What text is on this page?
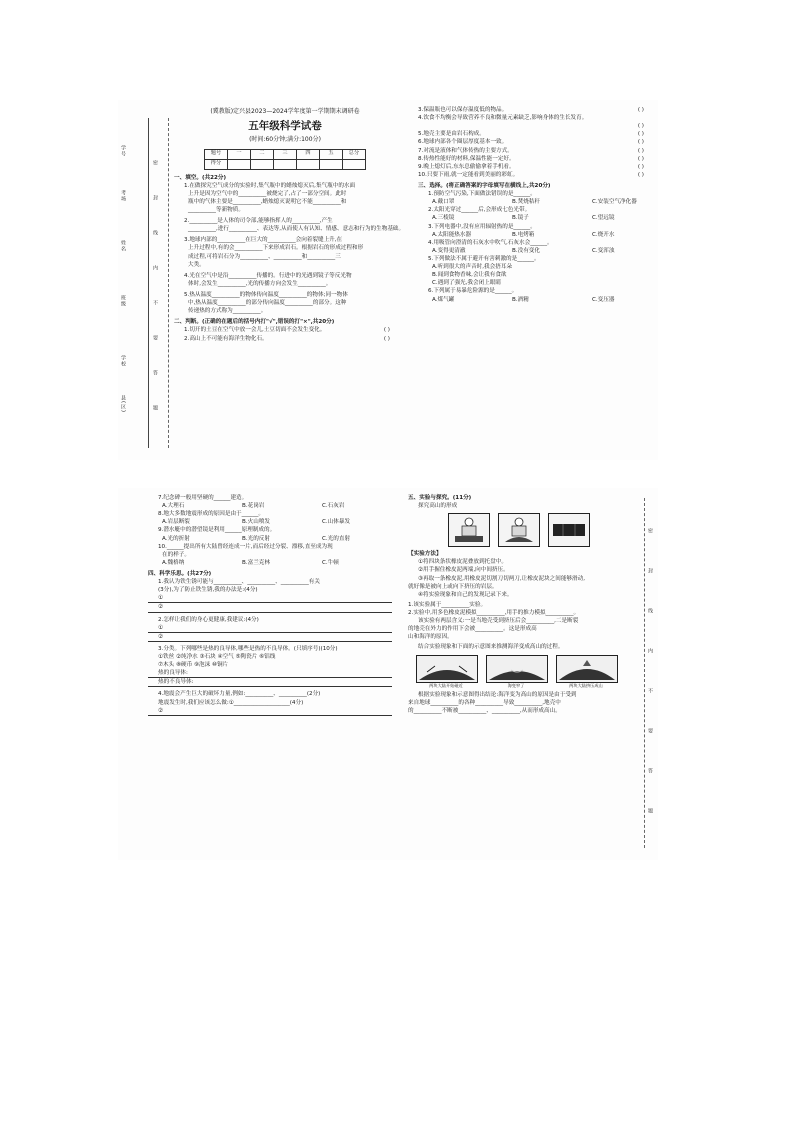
学号
考场
姓名
班级
学校
县(区)
密
封
线
内
不
要
答
题

(冀教版)定兴县2023—2024学年度第一学期期末调研卷

五年级科学试卷

(时间:60分钟;满分:100分)

题号	一	二	三	四	五	总分
得分						

一、填空。(共22分)

1.在做探究空气成分的实验时,集气瓶中的蜡烛熄灭后,集气瓶中的水面

上升是因为空气中的__________被烧完了,占了一部分空间。此时

瓶中的气体主要是__________,蜡烛熄灭说明它不能__________和

__________等新物质。

2.__________是人体的司令部,能够指挥人的__________,产生

__________,进行__________、表达等,从而使人有认知、情感、意志和行为的生物基础。

3.地球内部的__________在巨大的__________会向着裂缝上升,在

上升过程中,有的会__________下来形成岩石。根据岩石的形成过程和形

成过程,可将岩石分为__________、__________和__________三

大类。

4.光在空气中是沿__________传播的。行进中的光遇到镜子等反光物

体时,会发生__________,光的传播方向会发生__________。

5.热从温度__________的物体传向温度__________的物体;同一物体

中,热从温度__________的部分传向温度__________的部分。这种

传递热的方式称为__________。

二、判断。(正确的在题后的括号内打"√",错误的打"×",共20分)

1.切开的土豆在空气中放一会儿,土豆切面不会发生变化。	( )
2.高山上不可能有海洋生物化石。	( )
3.保温瓶也可以保存温度低的物品。	( )

4.饮食不均衡会导致营养不良和微量元素缺乏,影响身体的生长发育。

( )
5.地壳主要是由岩石构成。	( )
6.地球内部各个圈层厚度基本一致。	( )
7.对流是液体和气体传热的主要方式。	( )
8.传热性能好的材料,保温性能一定好。	( )
9.晚上熄灯后,东东总偷偷拿着手机看。	( )
10.只要下雨,就一定能看到美丽的彩虹。	( )

三、选择。(将正确答案的字母填写在横线上,共20分)

1.预防空气污染,下面做法错误的是______。

A.戴口罩	B.焚烧秸秆	C.安装空气净化器

2.太阳光穿过______后,会形成七色光带。

A.三棱镜	B.镜子	C.望远镜

3.下列电器中,没有应用辐射热的是______。

A.太阳能热水器	B.电烤箱	C.烧开水

4.用吸管向澄清的石灰水中吹气,石灰水会______。

A.变得更清澈	B.没有变化	C.变浑浊

5.下列做法不属于避开有害刺激的是______。

A.听到很大的声音时,我会捂耳朵

B.闻到食物香味,会让我有食欲

C.遇到了强光,我会闭上眼睛

6.下列属于易暴危险源的是______。

A.煤气罐	B.酒精	C.变压器

7.纪念碑一般用坚硬的______建造。

A.大理石	B.花岗岩	C.石灰岩

8.地大多数地震形成的原因是由于______。

A.岩层断裂	B.火山喷发	C.山体暴发

9.潜水艇中的潜望镜是利用______原理制成的。

A.光的折射	B.光的反射	C.光的直射

10.______提出所有大陆曾经连成一片,而后经过分裂、漂移,直至成为现

在的样子。

A.魏格纳	B.富兰克林	C.牛顿

四、科学乐思。(共27分)

1.我认为铁生锈可能与__________、__________、__________有关

(3分),为了防止铁生锈,我的办法是:(4分)

①
②

2.怎样让我们的身心更健康,我建议:(4分)

①
②

3.分类。下列哪些是热的良导体,哪些是热的不良导体。(只填序号)(10分)

①铁丝 ②纯净水 ③石块 ④空气 ⑤陶瓷片 ⑥铝线

⑦木头 ⑧硬币 ⑨泡沫 ⑩铜片

热的良导体:
热的不良导体:

4.地震会产生巨大的破坏力量,例如:__________、__________(2分)

地震发生时,我们应该怎么做:①____________________(4分)

②

五、实验与探究。(11分)

探究高山的形成

【实验方法】

①将四块条状橡皮泥叠放到托盘中。

②用手握住橡皮泥两端,向中间挤压。

③再取一条橡皮泥,用橡皮泥切割刀切两刀,让橡皮泥块之间能够滑动,

就好像是被向上或向下挤压的岩层。

④将实验现象和自己的发现记录下来。

1.该实验属于__________实验。

2.实验中,用多色橡皮泥模拟__________,用手的推力模拟__________。

该实验有两层含义:一是当地壳受到挤压后会__________,二是断裂

的地壳在外力的作用下会被__________。这是形成高

山和海洋的原因。

结合实验现象和下面的示意图来推测海洋变成高山的过程。

两块大陆开始碰近	海变窄了	两块大陆挤压成山

根据实验现象和示意图得出结论:海洋变为高山的原因是由于受到

来自地球__________的各种__________导致__________,地壳中

的__________不断被__________、__________,从而形成高山。

密
封
线
内
不
要
答
题
